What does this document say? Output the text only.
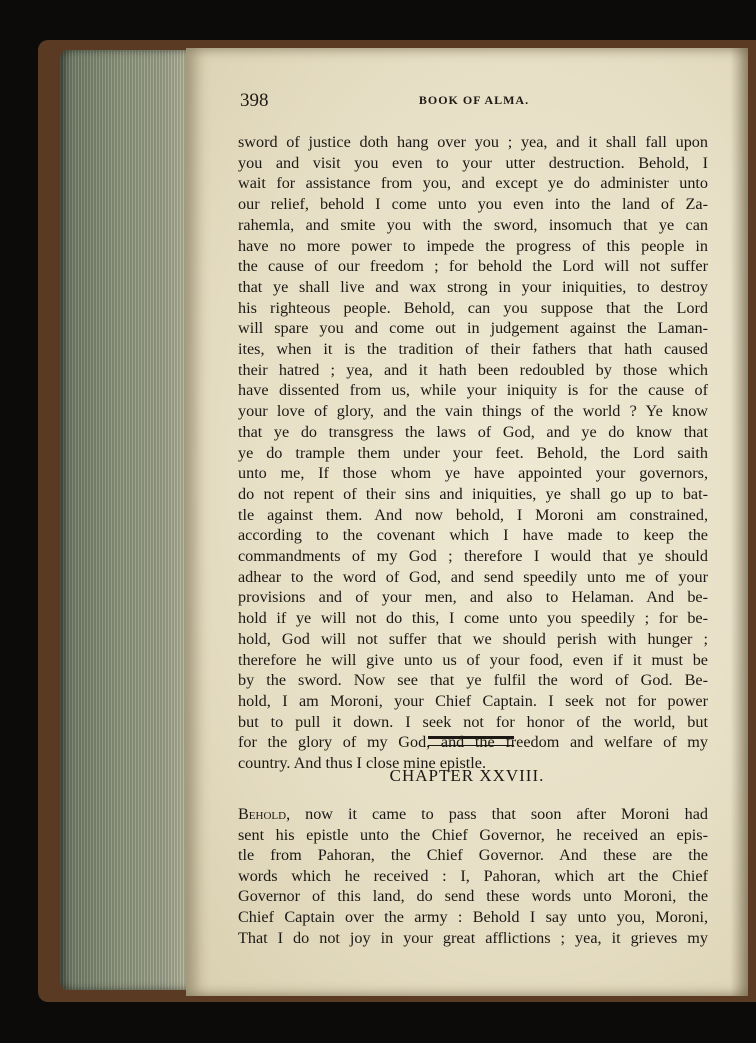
398	BOOK OF ALMA.

sword of justice doth hang over you ; yea, and it shall fall upon
you and visit you even to your utter destruction. Behold, I
wait for assistance from you, and except ye do administer unto
our relief, behold I come unto you even into the land of Za-
rahemla, and smite you with the sword, insomuch that ye can
have no more power to impede the progress of this people in
the cause of our freedom ; for behold the Lord will not suffer
that ye shall live and wax strong in your iniquities, to destroy
his righteous people. Behold, can you suppose that the Lord
will spare you and come out in judgement against the Laman-
ites, when it is the tradition of their fathers that hath caused
their hatred ; yea, and it hath been redoubled by those which
have dissented from us, while your iniquity is for the cause of
your love of glory, and the vain things of the world ? Ye know
that ye do transgress the laws of God, and ye do know that
ye do trample them under your feet. Behold, the Lord saith
unto me, If those whom ye have appointed your governors,
do not repent of their sins and iniquities, ye shall go up to bat-
tle against them. And now behold, I Moroni am constrained,
according to the covenant which I have made to keep the
commandments of my God ; therefore I would that ye should
adhear to the word of God, and send speedily unto me of your
provisions and of your men, and also to Helaman. And be-
hold if ye will not do this, I come unto you speedily ; for be-
hold, God will not suffer that we should perish with hunger ;
therefore he will give unto us of your food, even if it must be
by the sword. Now see that ye fulfil the word of God. Be-
hold, I am Moroni, your Chief Captain. I seek not for power
but to pull it down. I seek not for honor of the world, but
for the glory of my God, and the freedom and welfare of my
country. And thus I close mine epistle.

CHAPTER XXVIII.
Behold, now it came to pass that soon after Moroni had
sent his epistle unto the Chief Governor, he received an epis-
tle from Pahoran, the Chief Governor. And these are the
words which he received : I, Pahoran, which art the Chief
Governor of this land, do send these words unto Moroni, the
Chief Captain over the army : Behold I say unto you, Moroni,
That I do not joy in your great afflictions ; yea, it grieves my
